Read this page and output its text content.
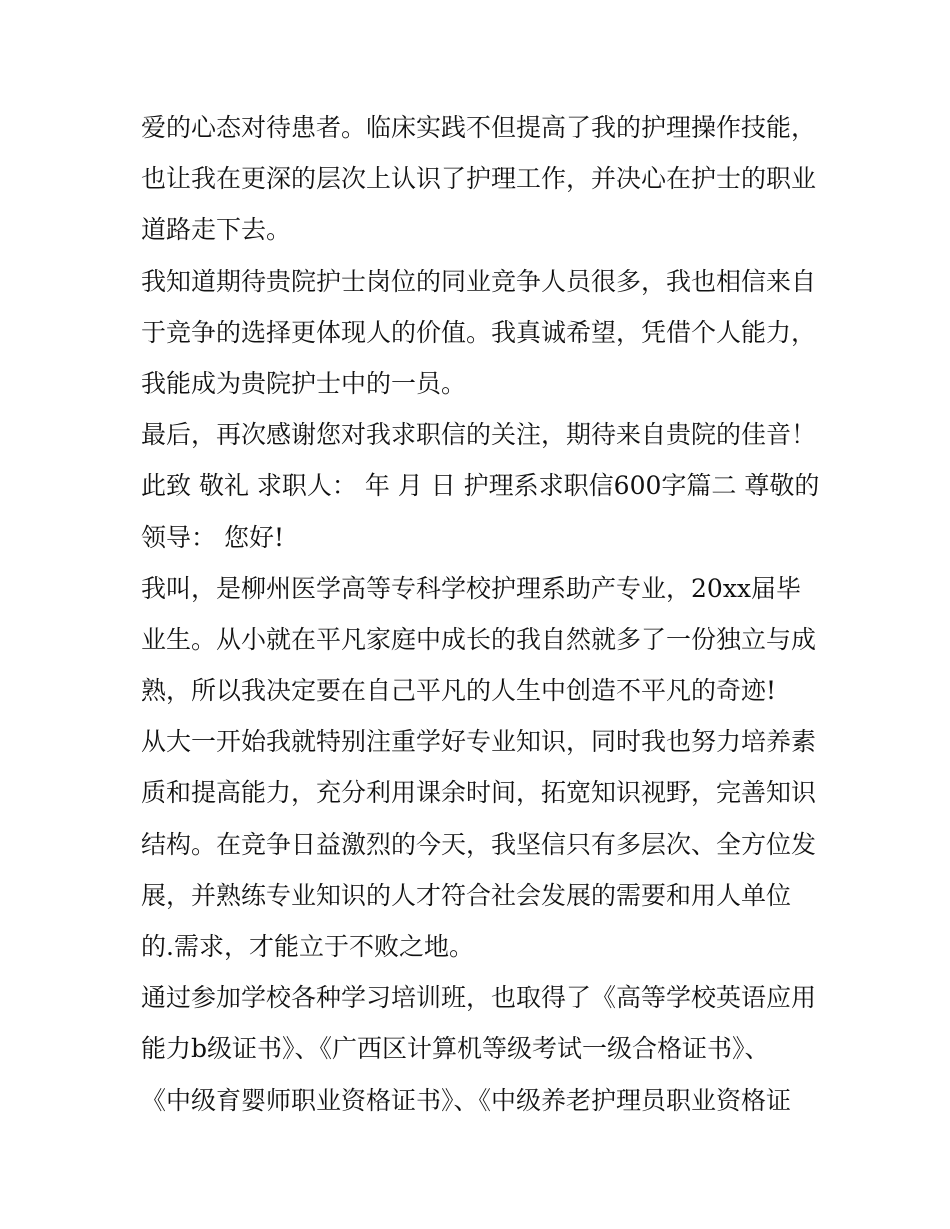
爱的心态对待患者。临床实践不但提高了我的护理操作技能，
也让我在更深的层次上认识了护理工作，并决心在护士的职业
道路走下去。
我知道期待贵院护士岗位的同业竞争人员很多，我也相信来自
于竞争的选择更体现人的价值。我真诚希望，凭借个人能力，
我能成为贵院护士中的一员。
最后，再次感谢您对我求职信的关注，期待来自贵院的佳音！
此致 敬礼 求职人： 年 月 日 护理系求职信600字篇二 尊敬的
领导： 您好!
我叫，是柳州医学高等专科学校护理系助产专业，20xx届毕
业生。从小就在平凡家庭中成长的我自然就多了一份独立与成
熟，所以我决定要在自己平凡的人生中创造不平凡的奇迹!
从大一开始我就特别注重学好专业知识，同时我也努力培养素
质和提高能力，充分利用课余时间，拓宽知识视野，完善知识
结构。在竞争日益激烈的今天，我坚信只有多层次、全方位发
展，并熟练专业知识的人才符合社会发展的需要和用人单位
的.需求，才能立于不败之地。
通过参加学校各种学习培训班，也取得了《高等学校英语应用
能力b级证书》、《广西区计算机等级考试一级合格证书》、
《中级育婴师职业资格证书》、《中级养老护理员职业资格证
